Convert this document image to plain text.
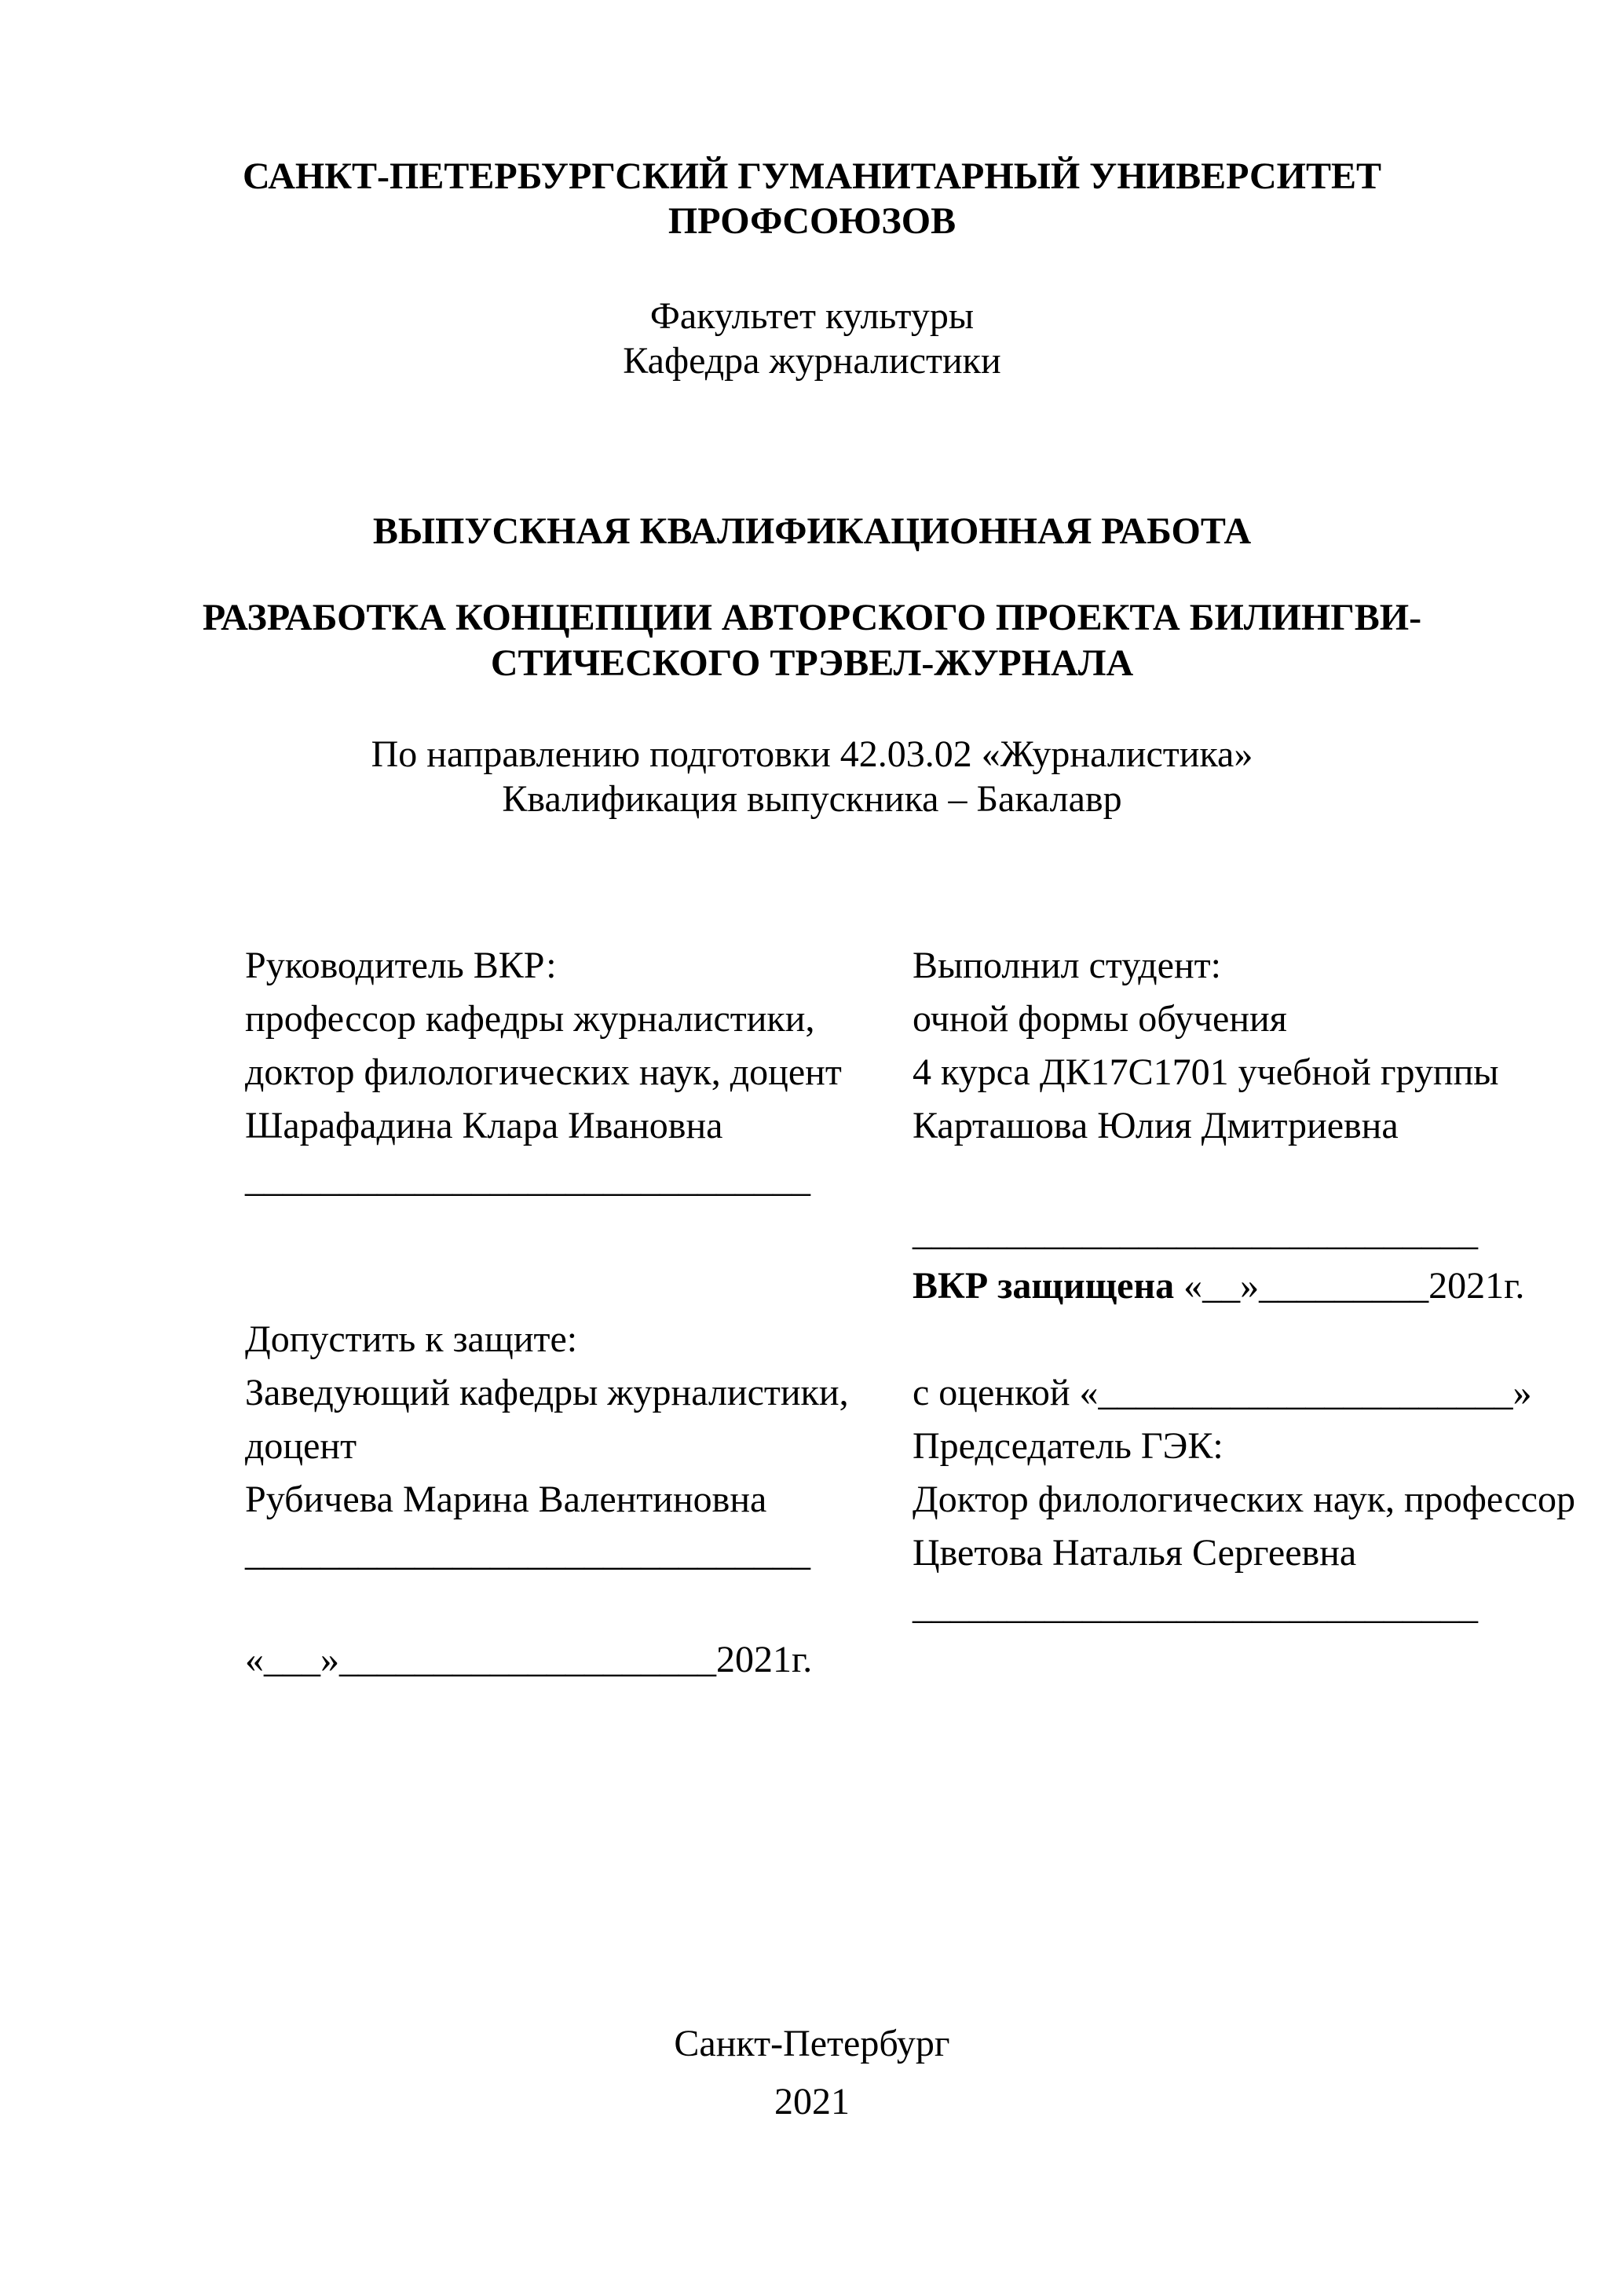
САНКТ-ПЕТЕРБУРГСКИЙ ГУМАНИТАРНЫЙ УНИВЕРСИТЕТ
ПРОФСОЮЗОВ
Факультет культуры
Кафедра журналистики
ВЫПУСКНАЯ КВАЛИФИКАЦИОННАЯ РАБОТА
РАЗРАБОТКА КОНЦЕПЦИИ АВТОРСКОГО ПРОЕКТА БИЛИНГВИ-
СТИЧЕСКОГО ТРЭВЕЛ-ЖУРНАЛА
По направлению подготовки 42.03.02 «Журналистика»
Квалификация выпускника – Бакалавр
Руководитель ВКР:
профессор кафедры журналистики,
доктор филологических наук, доцент
Шарафадина Клара Ивановна
______________________________
Допустить к защите:
Заведующий кафедры журналистики,
доцент
Рубичева Марина Валентиновна
______________________________
«___»____________________2021г.
Выполнил студент:
очной формы обучения
4 курса ДК17С1701 учебной группы
Карташова Юлия Дмитриевна
______________________________
ВКР защищена «__»_________2021г.
с оценкой «______________________»
Председатель ГЭК:
Доктор филологических наук, профессор
Цветова Наталья Сергеевна
______________________________
Санкт-Петербург
2021
